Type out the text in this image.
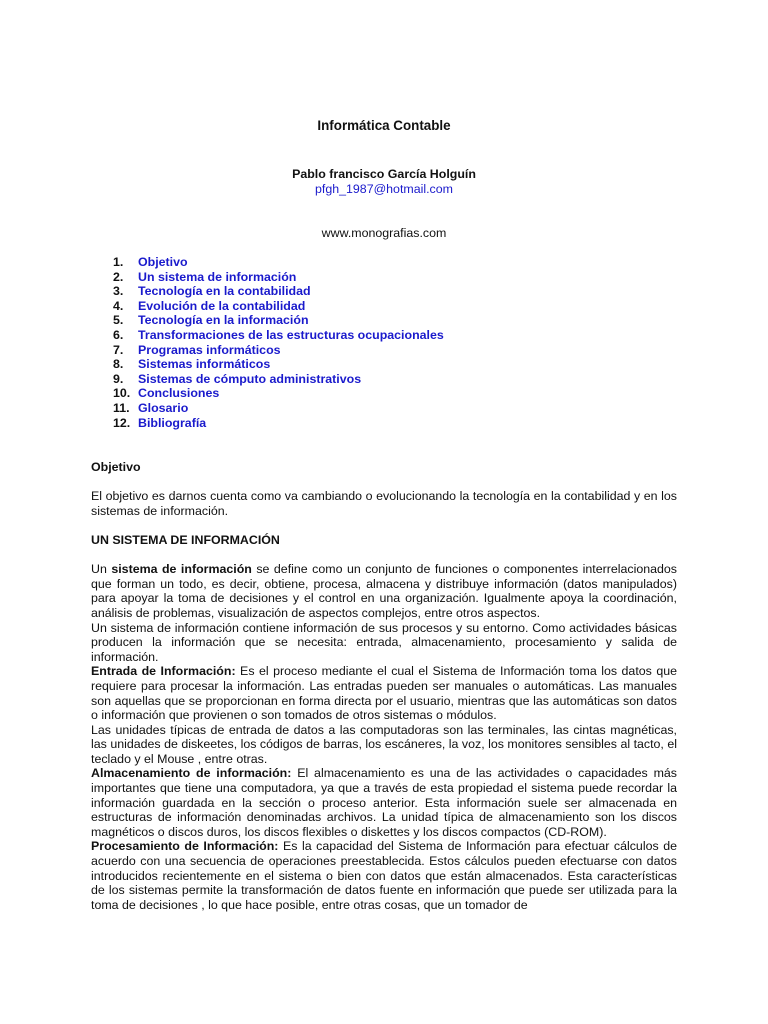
Informática Contable
Pablo francisco García Holguín
pfgh_1987@hotmail.com
www.monografias.com
1.	Objetivo
2.	Un sistema de información
3.	Tecnología en la contabilidad
4.	Evolución de la contabilidad
5.	Tecnología en la información
6.	Transformaciones de las estructuras ocupacionales
7.	Programas informáticos
8.	Sistemas informáticos
9.	Sistemas de cómputo administrativos
10. Conclusiones
11. Glosario
12. Bibliografía
Objetivo

El objetivo es darnos cuenta como va cambiando o evolucionando la tecnología en la contabilidad y en los sistemas de información.

UN SISTEMA DE INFORMACIÓN

Un sistema de información se define como un conjunto de funciones o componentes interrelacionados que forman un todo, es decir, obtiene, procesa, almacena y distribuye información (datos manipulados) para apoyar la toma de decisiones y el control en una organización. Igualmente apoya la coordinación, análisis de problemas, visualización de aspectos complejos, entre otros aspectos.

Un sistema de información contiene información de sus procesos y su entorno. Como actividades básicas producen la información que se necesita: entrada, almacenamiento, procesamiento y salida de información.

Entrada de Información: Es el proceso mediante el cual el Sistema de Información toma los datos que requiere para procesar la información. Las entradas pueden ser manuales o automáticas. Las manuales son aquellas que se proporcionan en forma directa por el usuario, mientras que las automáticas son datos o información que provienen o son tomados de otros sistemas o módulos.

Las unidades típicas de entrada de datos a las computadoras son las terminales, las cintas magnéticas, las unidades de diskeetes, los códigos de barras, los escáneres, la voz, los monitores sensibles al tacto, el teclado y el Mouse , entre otras.

Almacenamiento de información: El almacenamiento es una de las actividades o capacidades más importantes que tiene una computadora, ya que a través de esta propiedad el sistema puede recordar la información guardada en la sección o proceso anterior. Esta información suele ser almacenada en estructuras de información denominadas archivos. La unidad típica de almacenamiento son los discos magnéticos o discos duros, los discos flexibles o diskettes y los discos compactos (CD-ROM).

Procesamiento de Información: Es la capacidad del Sistema de Información para efectuar cálculos de acuerdo con una secuencia de operaciones preestablecida. Estos cálculos pueden efectuarse con datos introducidos recientemente en el sistema o bien con datos que están almacenados. Esta características de los sistemas permite la transformación de datos fuente en información que puede ser utilizada para la toma de decisiones , lo que hace posible, entre otras cosas, que un tomador de
